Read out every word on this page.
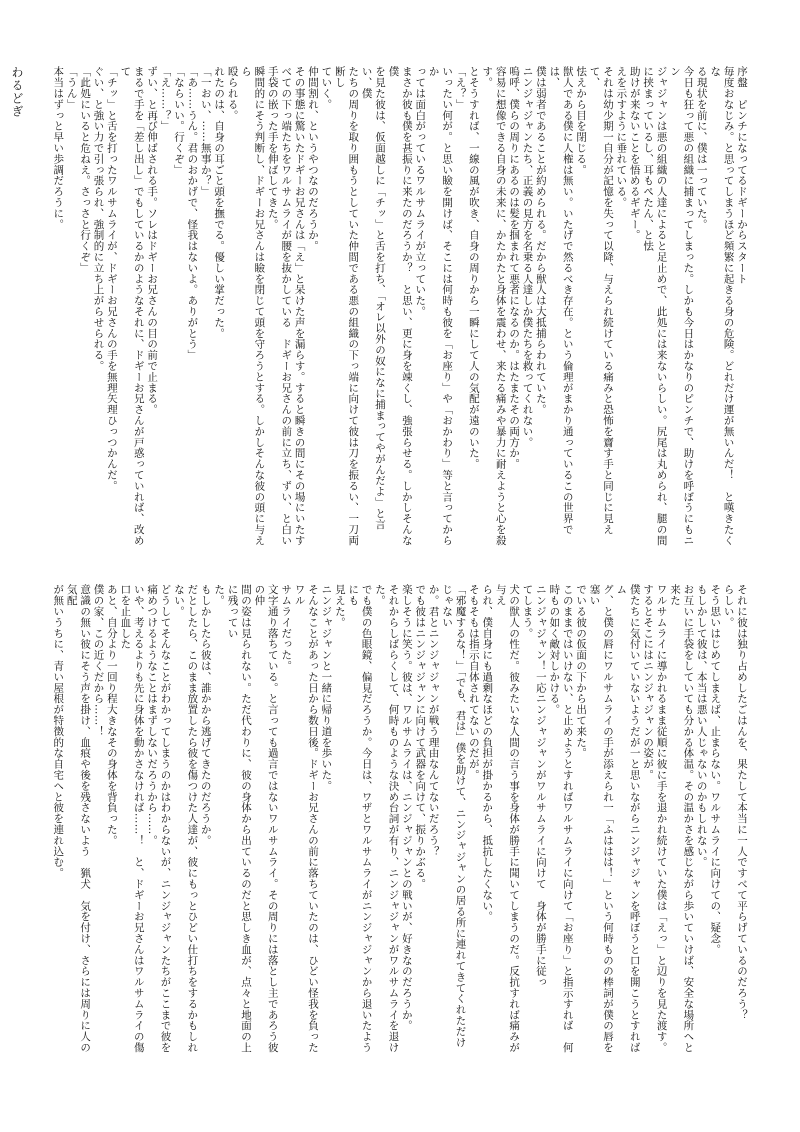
わるどぎ	序盤　ピンチになってるドギーからスタート
毎度おなじみ。と思ってしまうほど頻繁に起きる身の危険。どれだけ運が無いんだ！　と嘆きたくな
る現状を前に、僕は一っていた。
今日も狂って悪の組織に捕まってしまった。しかも今日はかなりのピンチで、助けを呼ぼうにもニン
ジャジャンは悪の組織の人達によると足止めで、此処には来ないらしい。尻尾は丸められ、腿の間に挟まっているし、耳もぺたん、と怯
助けが来ないことを悟めるギギー。
えを示すように垂れている。
それは幼少期一自分が記憶を失って以降、与えられ続けている痛みと恐怖を齎す手と同じに見えて、
怯えから目を閉じる。
獣人である僕に人権は無い。いたげで然るべき存在。という倫理がまかり通っているこの世界では、
僕は弱者であることが約められる。だから獣人は大抵捕らわれていた。
ニンジャジャンたち、正義の見方を名乗る人達しか僕たちを救ってくれない。
嗚呼、僕らの周りにあるのは髪を掴まれて悪者になるのか。はたまたその両方か。
容易に想像できる自身の未来に、かたかたと身体を震わせ、来たる痛みや暴力に耐えようと心を殺す。
とそうすれば、一線の風が吹き、自身の周りから一瞬にして人の気配が遠のいた。
「え？」
いったい何が。と思い瞼を開けば、そこには何時も彼を「お座り」や「おかわり」等と言ってからか
っては面白がっているワルサムライが立っていた。
まさか彼も僕を甚振りに来たのだろうか？　と思い、更に身を竦くし、強張らせる。しかしそんな僕
を見た彼は、仮面越しに「チッ」と舌を打ち、「オレ以外の奴になに捕まってやがんだよ」と言い、僕
たちの周りを取り囲もうとしていた仲間である悪の組織の下っ端に向けて彼は刀を振るい、一刀両断し
ていく。
仲間割れ、というやつなのだろうか。
その事態に驚いたドギーお兄さんは「え」と呆けた声を漏らす。すると瞬きの間にその場にいたす
べての下っ端たちをワルサムライが腰を抜かしている　ドギーお兄さんの前に立ち、ずい、と白い
手袋の嵌った手を伸ばしてきた。
瞬間的にそう判断し、ドギーお兄さんは瞼を閉じて頭を守ろうとする。しかしそんな彼の頭に与えら
殴られる。
れたのは、自身の耳ごと頭を撫でる。優しい掌だった。
「一おい、……無事か？」
「あ……うん。君のおかげで、怪我はないよ。ありがとう」
「ならいい。行くぞ」
「え……？」
ずい、と再び伸ばされる手。ソレはドギーお兄さんの目の前で止まる。
まるで手を「差し出し」でもしているかのようなそれに、ドギーお兄さんが戸惑っていれば、改めて
「チッ」と舌を打ったワルサムライが、ドギーお兄さんの手を無理矢理ひっつかんだ。
ぐい、と強い力で引っ張られ、強制的に立ち上がらせられる。
「此処にいると危ねえ。さっさと行くぞ」
「うん」
本当はずっと早い歩調だろうに。
それに彼は独り占めしたごはんを、果たして本当に一人ですべて平らげているのだろう？
らしい。
そう思いはじめてしまえば、止まらない。ワルサムライに向けての、疑念。
もしかして彼は、本当は悪い人じゃないのかもしれない。
お互いに手袋をしていても分かる体温。その温かさを感じながら歩いていけば、安全な場所へと来た
ワルサムライに導かれるまま従順に彼に手を退かれ続けていた僕は「えっ」と辺りを見た渡す。
するとそこにはニンジャジャンの姿が。
僕たちに気付いていないようだが一と思いながらニンジャジャンを呼ぼうと口を開こうとすればム
グ、と僕の唇にワルサムライの手が添えられ一「ふははは！」という何時ものの棒詞が僕の唇を塞い
でいる彼の仮面の下から出て来た。
このままではいけない、と止めようとすればワルサムライに向けて「お座り」と指示すれば　何時もの如く敵対しかける。
ニンジャジャン！一応ニンジャジャンがワルサムライに向けて　身体が勝手に従っ
てしまう。
犬の獣人の性だ。彼みたいな人間の言う事を身体が勝手に聞いてしまうのだ。反抗すれば痛みが与え
られ、僕自身にも過剰なほどの負担が掛かるから、抵抗したくない。
そもそもは指示自体されてないのだが。
「邪魔するな！」「でも、君は」僕を助けて、ニンジャジャンの居る所に連れてきてくれただけじゃない
か。君とニンジャジャンが戦う理由なんてないだろう？
でも彼はニンジャジャンに向けて武器を向けて、振りかぶる。
楽しそうに笑う。彼は、ワルサムライは、ニンジャジャンとの戦いが、好きなのだろうか。
それからしばらくして、何時ものような決め台詞が有り、ニンジャジャンがワルサムライを退けた。
でも僕の色眼鏡、偏見だろうか。今日は、ワザとワルサムライがニンジャジャンから退いたようにも
見えた。
ニンジャジャンと一緒に帰り道を歩いた。
そんなことがあった日から数日後。ドギーお兄さんの前に落ちていたのは、ひどい怪我を負ったワル
サムライだった。
文字通り落ちている。と言っても過言ではないワルサムライ。その周りには落とし主であろう彼の仲
間の姿は見られない。ただ代わりに、彼の身体から出ているのだと思しき血が、点々と地面の上に残ってい
た。
もしかしたら彼は、誰かから逃げてきたのだろうか。
だとしたら、このまま放置したら彼を傷つけた人達が、彼にもっとひどい仕打ちをするかもしれない。
どうしてそんなことがわかってしまうのかはわからないが、ニンジャジャンたちがここまで彼を
痛めつけるようなことはまずしないだろうから……。
いや、考えるよりも先に身体を動かさなければ……！　と、ドギーお兄さんはワルサムライの傷口を止血した
あと、自分より一回り程大きなその身体を背負った。
僕の家、この近くだから……！
意識の無い彼にそう声を掛け、血痕や後を残さないよう　猟犬　気を付け、さらには周りに人の気配
が無いうちに、青い屋根が特徴的な自宅へと彼を連れ込む。
